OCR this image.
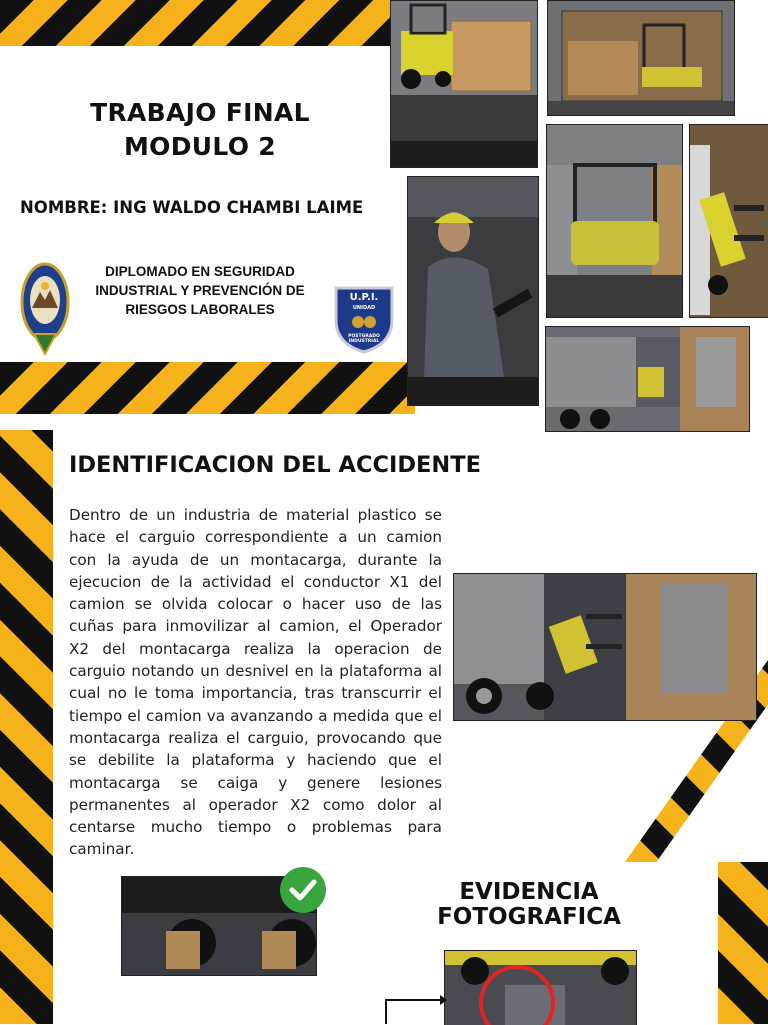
TRABAJO FINAL
MODULO 2
NOMBRE: ING WALDO CHAMBI LAIME
DIPLOMADO EN SEGURIDAD
INDUSTRIAL Y PREVENCIÓN DE
RIESGOS LABORALES
U.P.I.
UNIDAD
POSTGRADO INDUSTRIAL
IDENTIFICACION DEL ACCIDENTE
Dentro de un industria de material plastico se hace el carguio correspondiente a un camion con la ayuda de un montacarga, durante la ejecucion de la actividad el conductor X1 del camion se olvida colocar o hacer uso de las cuñas para inmovilizar al camion, el Operador X2 del montacarga realiza la operacion de carguio notando un desnivel en la plataforma al cual no le toma importancia, tras transcurrir el tiempo el camion va avanzando a medida que el montacarga realiza el carguio, provocando que se debilite la plataforma y haciendo que el montacarga se caiga y genere lesiones permanentes al operador X2 como dolor al centarse mucho tiempo o problemas para caminar.
EVIDENCIA
FOTOGRAFICA
